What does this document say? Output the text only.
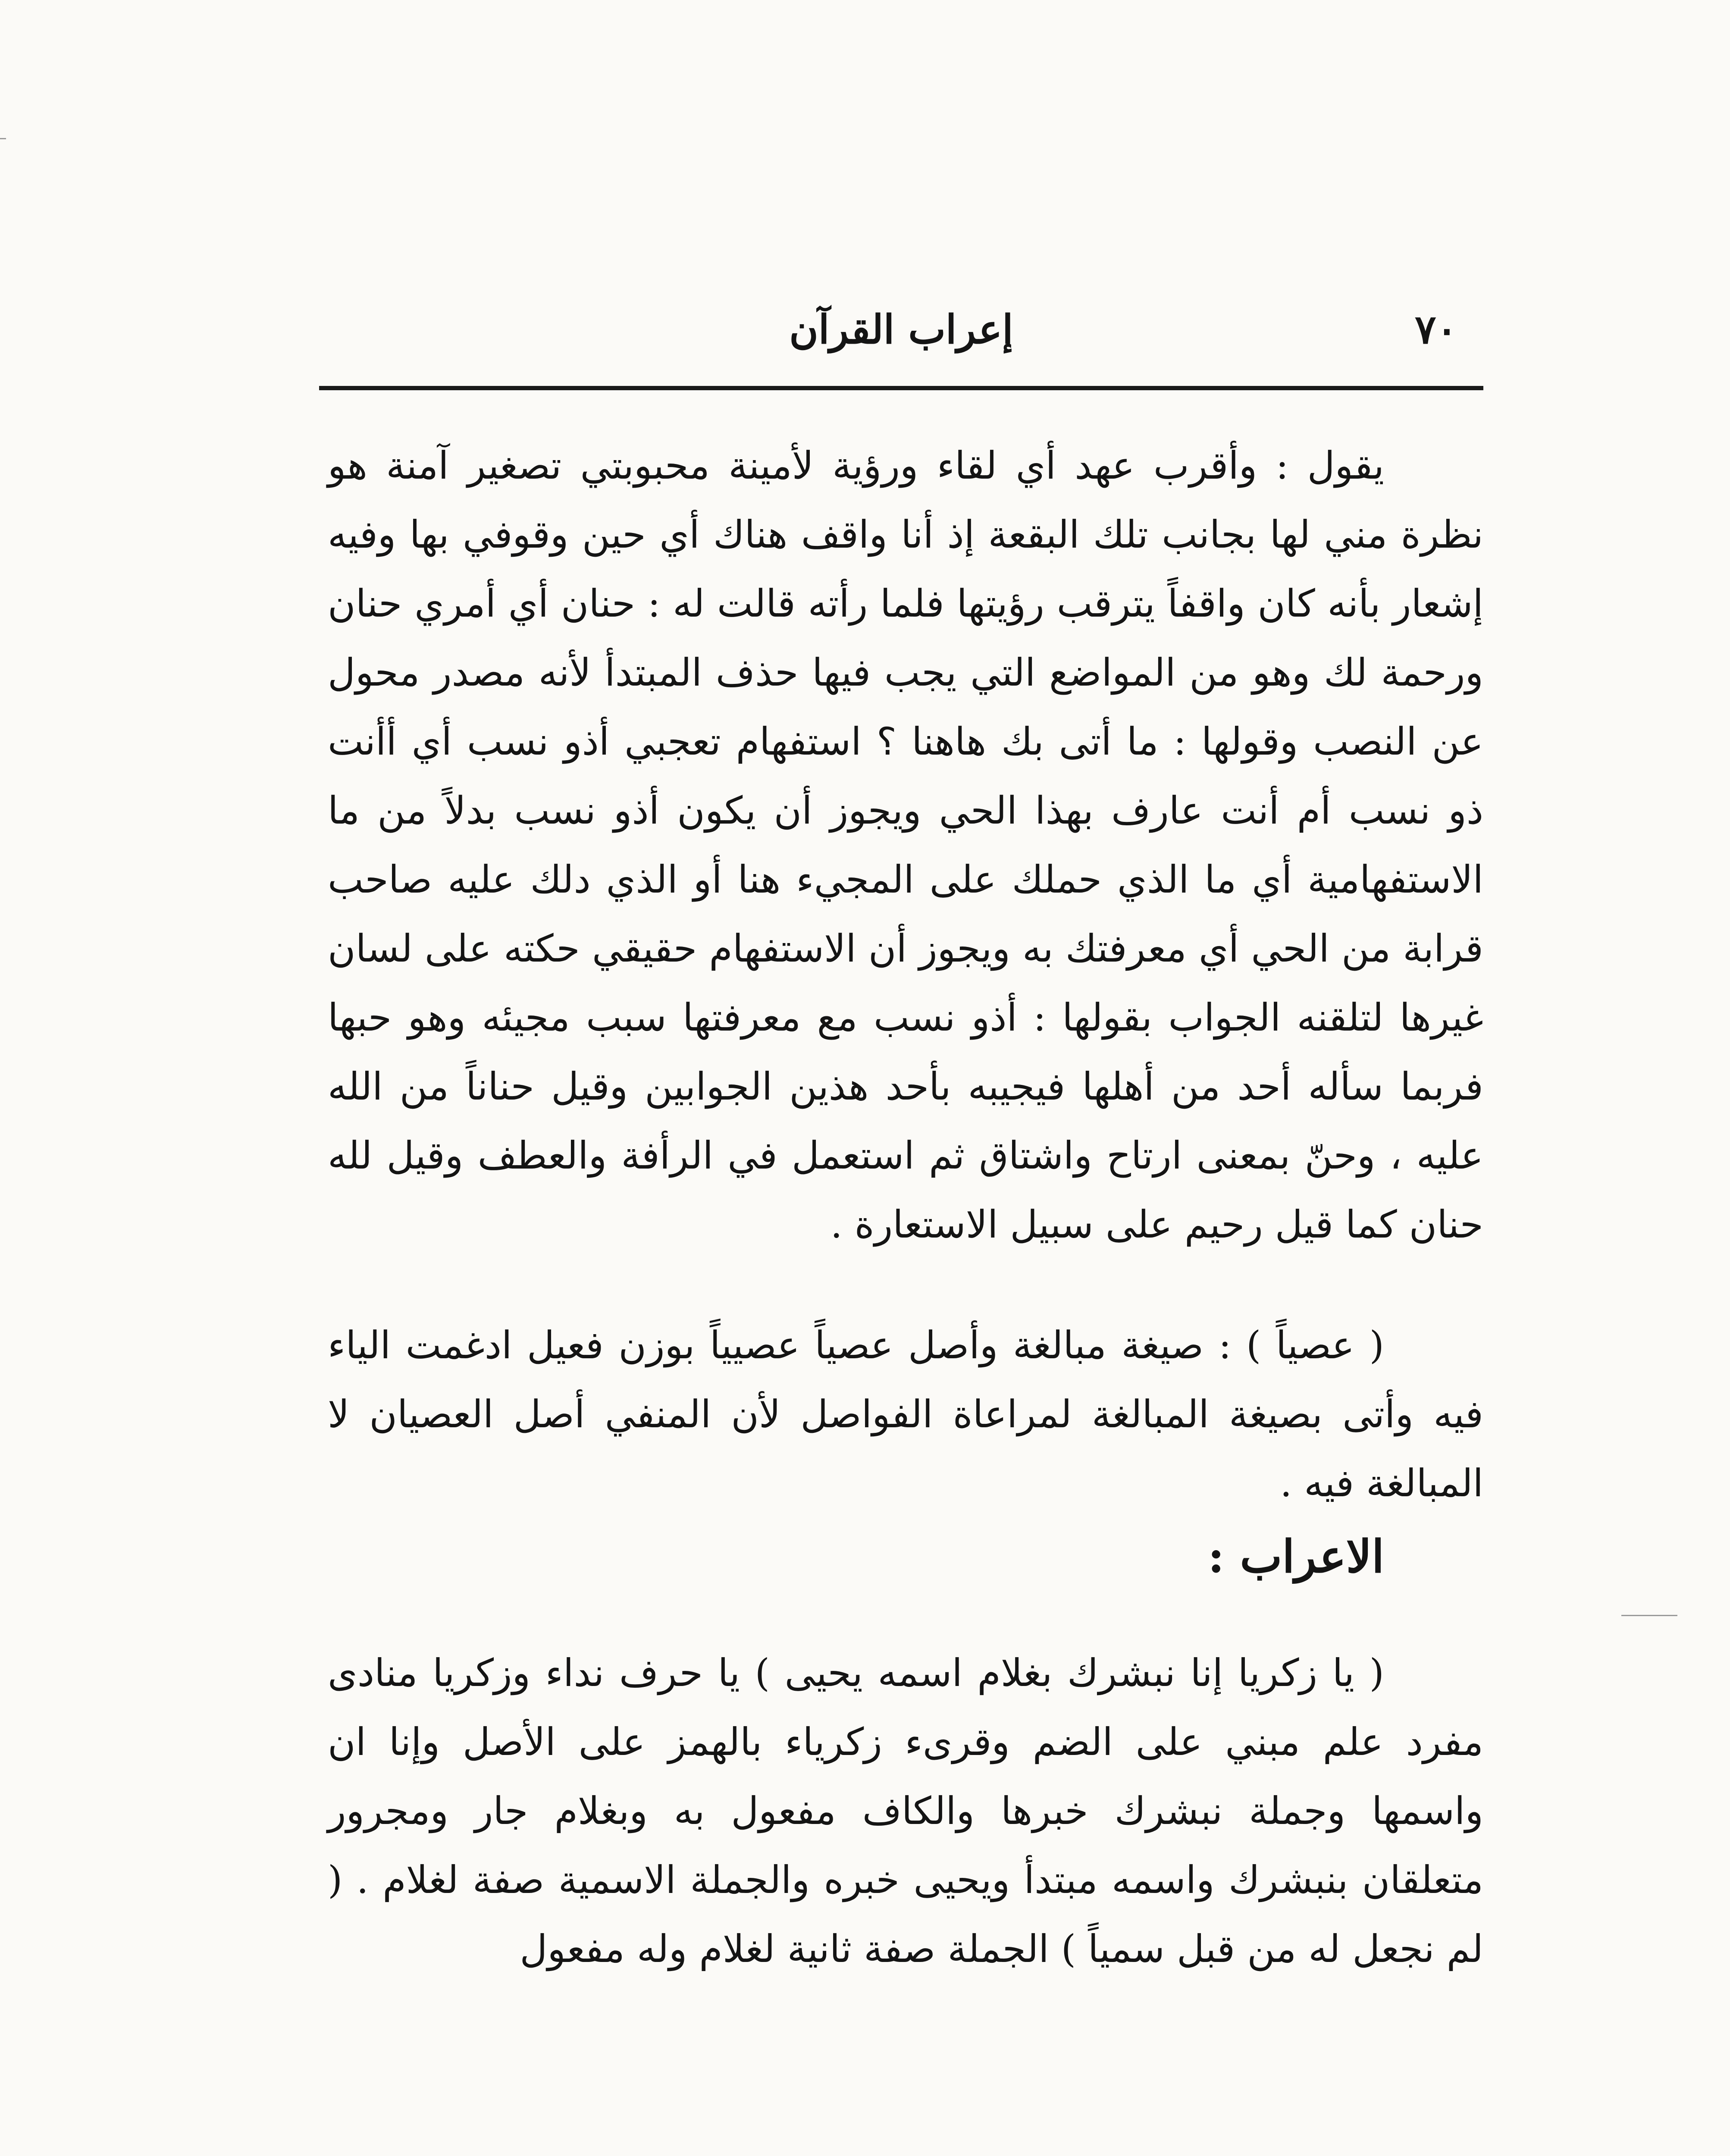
٧٠
إعراب القرآن

يقول : وأقرب عهد أي لقاء ورؤية لأمينة محبوبتي تصغير آمنة هو نظرة مني لها بجانب تلك البقعة إذ أنا واقف هناك أي حين وقوفي بها وفيه إشعار بأنه كان واقفاً يترقب رؤيتها فلما رأته قالت له : حنان أي أمري حنان ورحمة لك وهو من المواضع التي يجب فيها حذف المبتدأ لأنه مصدر محول عن النصب وقولها : ما أتى بك هاهنا ؟ استفهام تعجبي أذو نسب أي أأنت ذو نسب أم أنت عارف بهذا الحي ويجوز أن يكون أذو نسب بدلاً من ما الاستفهامية أي ما الذي حملك على المجيء هنا أو الذي دلك عليه صاحب قرابة من الحي أي معرفتك به ويجوز أن الاستفهام حقيقي حكته على لسان غيرها لتلقنه الجواب بقولها : أذو نسب مع معرفتها سبب مجيئه وهو حبها فربما سأله أحد من أهلها فيجيبه بأحد هذين الجوابين وقيل حناناً من الله عليه ، وحنّ بمعنى ارتاح واشتاق ثم استعمل في الرأفة والعطف وقيل لله حنان كما قيل رحيم على سبيل الاستعارة .

( عصياً ) : صيغة مبالغة وأصل عصياً عصيياً بوزن فعيل ادغمت الياء فيه وأتى بصيغة المبالغة لمراعاة الفواصل لأن المنفي أصل العصيان لا المبالغة فيه .

الاعراب :

( يا زكريا إنا نبشرك بغلام اسمه يحيى ) يا حرف نداء وزكريا منادى مفرد علم مبني على الضم وقرىء زكرياء بالهمز على الأصل وإنا ان واسمها وجملة نبشرك خبرها والكاف مفعول به وبغلام جار ومجرور متعلقان بنبشرك واسمه مبتدأ ويحيى خبره والجملة الاسمية صفة لغلام . ( لم نجعل له من قبل سمياً ) الجملة صفة ثانية لغلام وله مفعول
